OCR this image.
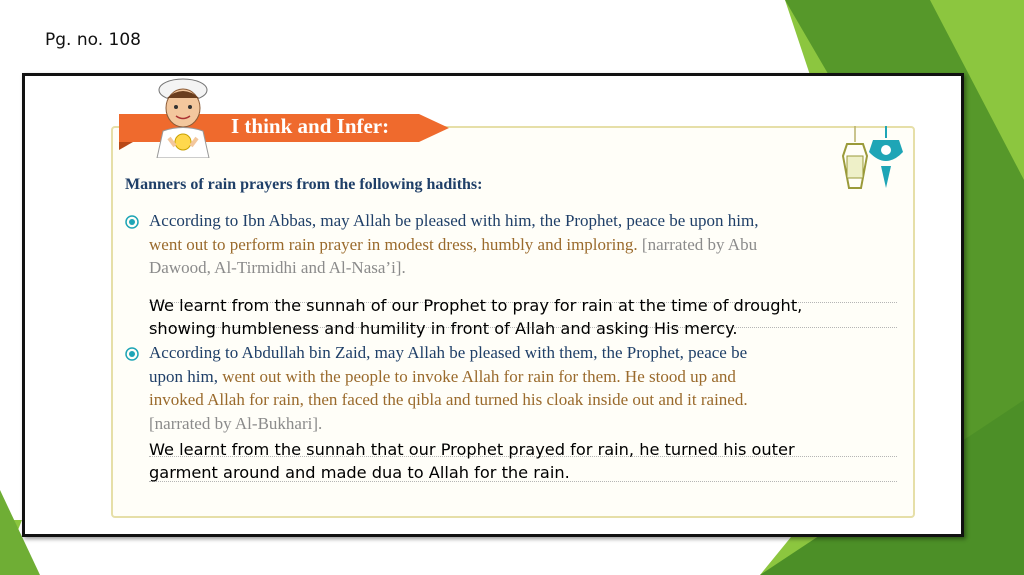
Pg. no. 108
I think and Infer:
Manners of rain prayers from the following hadiths:
According to Ibn Abbas, may Allah be pleased with him, the Prophet, peace be upon him,
went out to perform rain prayer in modest dress, humbly and imploring. [narrated by Abu
Dawood, Al-Tirmidhi and Al-Nasa’i].
We learnt from the sunnah of our Prophet to pray for rain at the time of drought,
showing humbleness and humility in front of Allah and asking His mercy.
According to Abdullah bin Zaid, may Allah be pleased with them, the Prophet, peace be
upon him, went out with the people to invoke Allah for rain for them. He stood up and
invoked Allah for rain, then faced the qibla and turned his cloak inside out and it rained.
[narrated by Al-Bukhari].
We learnt from the sunnah that our Prophet prayed for rain, he turned his outer
garment around and made dua to Allah for the rain.
